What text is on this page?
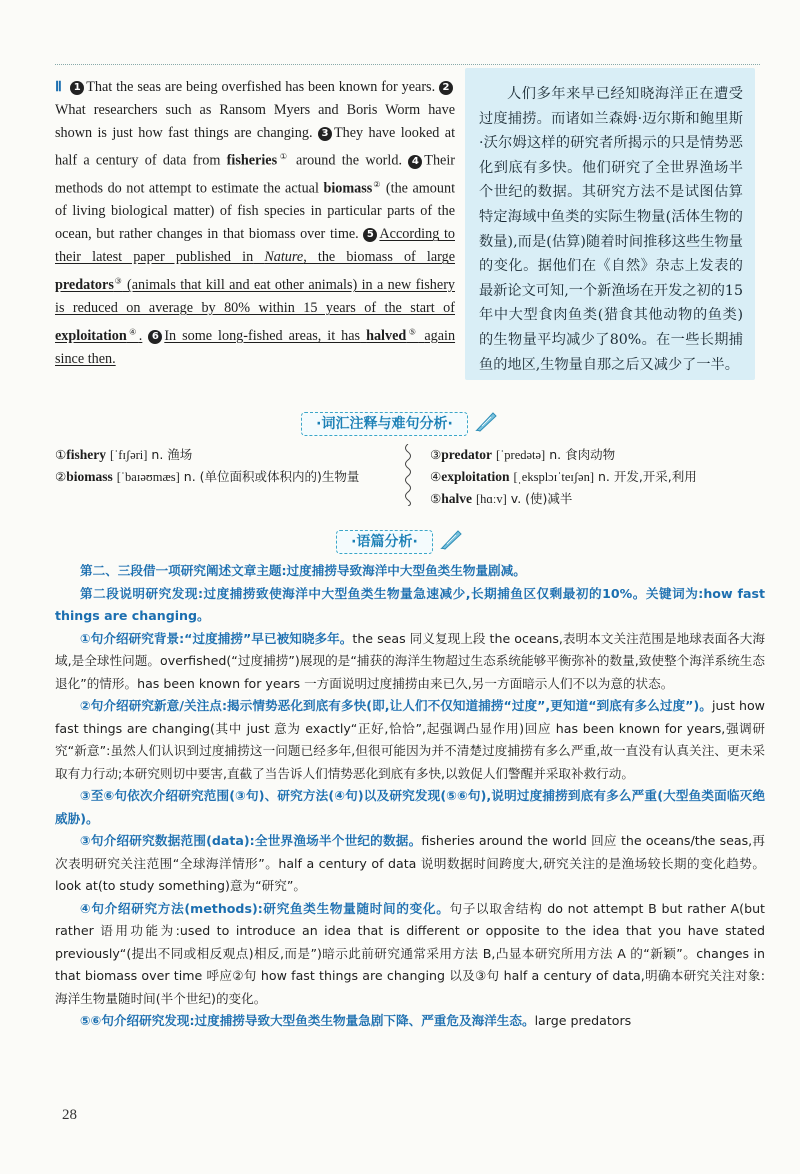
Ⅱ 1 That the seas are being overfished has been known for years. 2What researchers such as Ransom Myers and Boris Worm have shown is just how fast things are changing. 3 They have looked at half a century of data from fisheries① around the world. 4 Their methods do not attempt to estimate the actual biomass② (the amount of living biological matter) of fish species in particular parts of the ocean, but rather changes in that biomass over time. 5 According to their latest paper published in Nature, the biomass of large predators③ (animals that kill and eat other animals) in a new fishery is reduced on average by 80% within 15 years of the start of exploitation④. 6 In some long-fished areas, it has halved⑤ again since then.
人们多年来早已经知晓海洋正在遭受过度捕捞。而诸如兰森姆·迈尔斯和鲍里斯·沃尔姆这样的研究者所揭示的只是情势恶化到底有多快。他们研究了全世界渔场半个世纪的数据。其研究方法不是试图估算特定海域中鱼类的实际生物量(活体生物的数量),而是(估算)随着时间推移这些生物量的变化。据他们在《自然》杂志上发表的最新论文可知,一个新渔场在开发之初的15年中大型食肉鱼类(猎食其他动物的鱼类)的生物量平均减少了80%。在一些长期捕鱼的地区,生物量自那之后又减少了一半。
·词汇注释与难句分析·
①fishery [ˈfɪʃəri] n. 渔场
②biomass [ˈbaɪəʊmæs] n. (单位面积或体积内的)生物量
③predator [ˈpredətə] n. 食肉动物
④exploitation [ˌeksplɔɪˈteɪʃən] n. 开发,开采,利用
⑤halve [hɑːv] v. (使)减半
·语篇分析·
第二、三段借一项研究阐述文章主题:过度捕捞导致海洋中大型鱼类生物量剧减。
第二段说明研究发现:过度捕捞致使海洋中大型鱼类生物量急速减少,长期捕鱼区仅剩最初的10%。关键词为:how fast things are changing。
①句介绍研究背景:“过度捕捞”早已被知晓多年。the seas 同义复现上段 the oceans,表明本文关注范围是地球表面各大海域,是全球性问题。overfished(“过度捕捞”)展现的是“捕获的海洋生物超过生态系统能够平衡弥补的数量,致使整个海洋系统生态退化”的情形。has been known for years 一方面说明过度捕捞由来已久,另一方面暗示人们不以为意的状态。
②句介绍研究新意/关注点:揭示情势恶化到底有多快(即,让人们不仅知道捕捞“过度”,更知道“到底有多么过度”)。just how fast things are changing(其中 just 意为 exactly“正好,恰恰”,起强调凸显作用)回应 has been known for years,强调研究“新意”:虽然人们认识到过度捕捞这一问题已经多年,但很可能因为并不清楚过度捕捞有多么严重,故一直没有认真关注、更未采取有力行动;本研究则切中要害,直截了当告诉人们情势恶化到底有多快,以敦促人们警醒并采取补救行动。
③至⑥句依次介绍研究范围(③句)、研究方法(④句)以及研究发现(⑤⑥句),说明过度捕捞到底有多么严重(大型鱼类面临灭绝威胁)。
③句介绍研究数据范围(data):全世界渔场半个世纪的数据。fisheries around the world 回应 the oceans/the seas,再次表明研究关注范围“全球海洋情形”。half a century of data 说明数据时间跨度大,研究关注的是渔场较长期的变化趋势。look at(to study something)意为“研究”。
④句介绍研究方法(methods):研究鱼类生物量随时间的变化。句子以取舍结构 do not attempt B but rather A(but rather 语用功能为:used to introduce an idea that is different or opposite to the idea that you have stated previously“(提出不同或相反观点)相反,而是”)暗示此前研究通常采用方法 B,凸显本研究所用方法 A 的“新颖”。changes in that biomass over time 呼应②句 how fast things are changing 以及③句 half a century of data,明确本研究关注对象:海洋生物量随时间(半个世纪)的变化。
⑤⑥句介绍研究发现:过度捕捞导致大型鱼类生物量急剧下降、严重危及海洋生态。large predators
28
